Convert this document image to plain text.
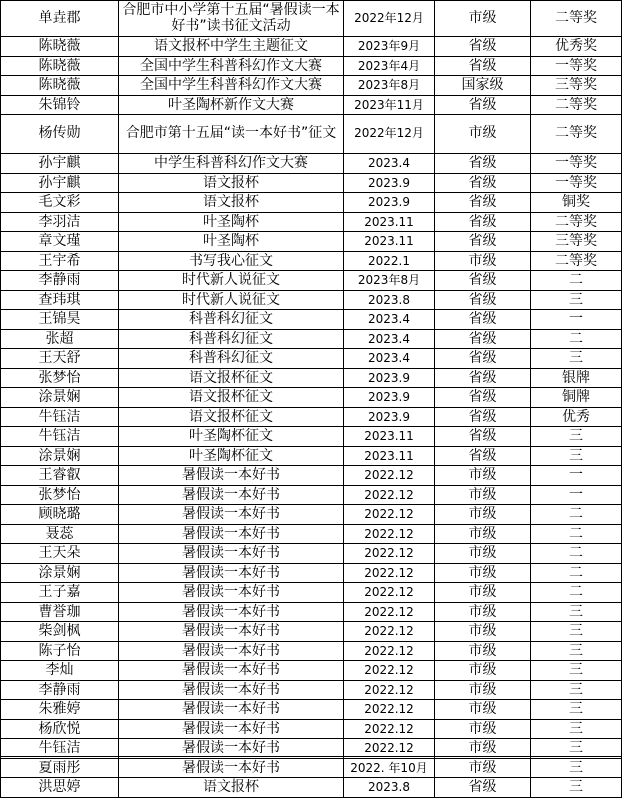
单垚郡	合肥市中小学第十五届“暑假读一本好书”读书征文活动	2022年12月	市级	二等奖
陈晓薇	语文报杯中学生主题征文	2023年9月	省级	优秀奖
陈晓薇	全国中学生科普科幻作文大赛	2023年4月	省级	一等奖
陈晓薇	全国中学生科普科幻作文大赛	2023年8月	国家级	三等奖
朱锦铃	叶圣陶杯新作文大赛	2023年11月	省级	二等奖
杨传勋	合肥市第十五届“读一本好书”征文	2022年12月	市级	二等奖
孙宇麒	中学生科普科幻作文大赛	2023.4	省级	一等奖
孙宇麒	语文报杯	2023.9	省级	一等奖
毛文彩	语文报杯	2023.9	省级	铜奖
李羽洁	叶圣陶杯	2023.11	省级	二等奖
章文瑾	叶圣陶杯	2023.11	省级	三等奖
王宇希	书写我心征文	2022.1	市级	二等奖
李静雨	时代新人说征文	2023年8月	省级	二
查玮琪	时代新人说征文	2023.8	省级	三
王锦昊	科普科幻征文	2023.4	省级	一
张超	科普科幻征文	2023.4	省级	二
王天舒	科普科幻征文	2023.4	省级	三
张梦怡	语文报杯征文	2023.9	省级	银牌
涂景娴	语文报杯征文	2023.9	省级	铜牌
牛钰洁	语文报杯征文	2023.9	省级	优秀
牛钰洁	叶圣陶杯征文	2023.11	省级	三
涂景娴	叶圣陶杯征文	2023.11	省级	三
王睿叡	暑假读一本好书	2022.12	市级	一
张梦怡	暑假读一本好书	2022.12	市级	一
顾晓璐	暑假读一本好书	2022.12	市级	二
聂蕊	暑假读一本好书	2022.12	市级	二
王天朵	暑假读一本好书	2022.12	市级	二
涂景娴	暑假读一本好书	2022.12	市级	二
王子嘉	暑假读一本好书	2022.12	市级	二
曹誉珈	暑假读一本好书	2022.12	市级	三
柴剑枫	暑假读一本好书	2022.12	市级	三
陈子怡	暑假读一本好书	2022.12	市级	三
李灿	暑假读一本好书	2022.12	市级	三
李静雨	暑假读一本好书	2022.12	市级	三
朱雅婷	暑假读一本好书	2022.12	市级	三
杨欣悦	暑假读一本好书	2022.12	市级	三
牛钰洁	暑假读一本好书	2022.12	市级	三
夏雨彤	暑假读一本好书	2022. 年10月	市级	三
洪思婷	语文报杯	2023.8	省级	三
